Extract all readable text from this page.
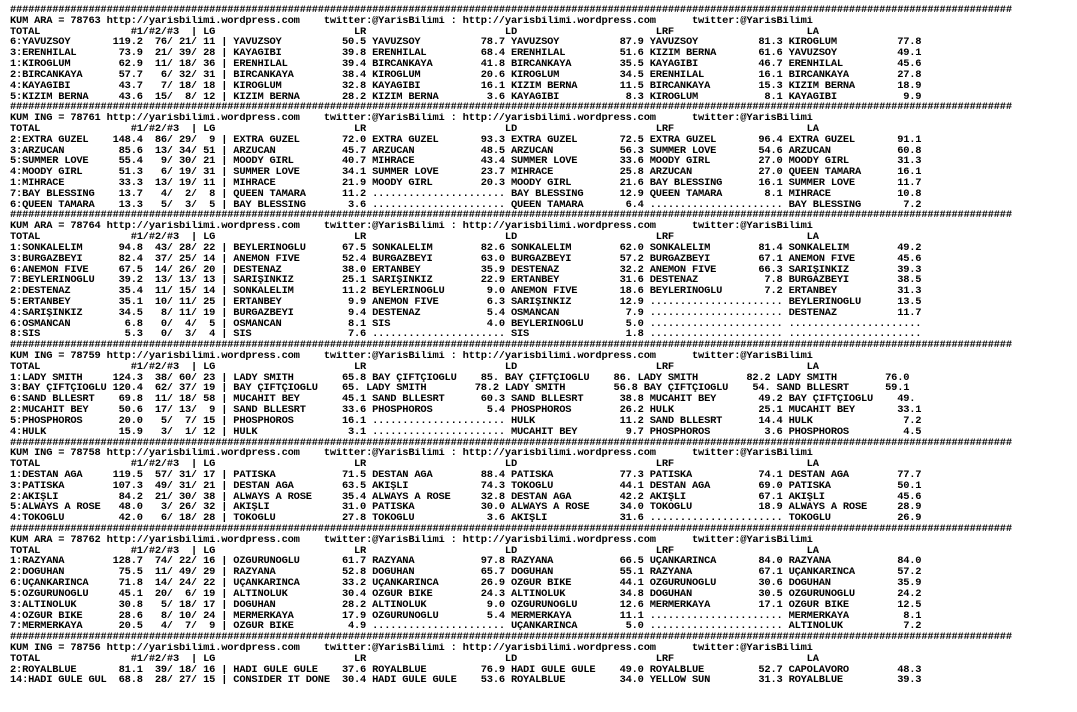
######################################################################################################################################################################
KUM ARA = 78763 http://yarisbilimi.wordpress.com    twitter:@YarisBilimi : http://yarisbilimi.wordpress.com      twitter:@YarisBilimi
TOTAL               #1/#2/#3  | LG                       LR                       LD                       LRF                      LA
6:YAVUZSOY       119.2  76/ 21/ 11 | YAVUZSOY          50.5 YAVUZSOY          78.7 YAVUZSOY          87.9 YAVUZSOY          81.3 KIROĞLUM          77.8
3:ERENHİLAL       73.9  21/ 39/ 28 | KAYAGİBİ          39.8 ERENHİLAL         68.4 ERENHİLAL         51.6 KIZIM BERNA       61.6 YAVUZSOY          49.1
1:KIROĞLUM        62.9  11/ 18/ 36 | ERENHİLAL         39.4 BİRCANKAYA        41.8 BİRCANKAYA        35.5 KAYAGİBİ          46.7 ERENHİLAL         45.6
2:BİRCANKAYA      57.7   6/ 32/ 31 | BİRCANKAYA        38.4 KIROĞLUM          20.6 KIROĞLUM          34.5 ERENHİLAL         16.1 BİRCANKAYA        27.8
4:KAYAGİBİ        43.7   7/ 18/ 18 | KIROĞLUM          32.8 KAYAGİBİ          16.1 KIZIM BERNA       11.5 BİRCANKAYA        15.3 KIZIM BERNA       18.9
5:KIZIM BERNA     43.6  15/  8/ 12 | KIZIM BERNA       28.2 KIZIM BERNA        3.6 KAYAGİBİ           8.3 KIROĞLUM           8.1 KAYAGİBİ           9.9
######################################################################################################################################################################
KUM ING = 78761 http://yarisbilimi.wordpress.com    twitter:@YarisBilimi : http://yarisbilimi.wordpress.com      twitter:@YarisBilimi
TOTAL               #1/#2/#3  | LG                       LR                       LD                       LRF                      LA
2:EXTRA GÜZEL    148.4  86/ 29/  9 | EXTRA GÜZEL       72.0 EXTRA GÜZEL       93.3 EXTRA GÜZEL       72.5 EXTRA GÜZEL       96.4 EXTRA GÜZEL       91.1
3:ARZUCAN         85.6  13/ 34/ 51 | ARZUCAN           45.7 ARZUCAN           48.5 ARZUCAN           56.3 SUMMER LOVE       54.6 ARZUCAN           60.8
5:SUMMER LOVE     55.4   9/ 30/ 21 | MOODY GIRL        40.7 MİHRACE           43.4 SUMMER LOVE       33.6 MOODY GIRL        27.0 MOODY GIRL        31.3
4:MOODY GIRL      51.3   6/ 19/ 31 | SUMMER LOVE       34.1 SUMMER LOVE       23.7 MİHRACE           25.8 ARZUCAN           27.0 QUEEN TAMARA      16.1
1:MİHRACE         33.3  13/ 19/ 11 | MİHRACE           21.9 MOODY GIRL        20.3 MOODY GIRL        21.6 BAY BLESSING      16.1 SUMMER LOVE       11.7
7:BAY BLESSING    13.7   4/  2/  8 | QUEEN TAMARA      11.2 ...................... BAY BLESSING      12.9 QUEEN TAMARA       8.1 MİHRACE           10.8
6:QUEEN TAMARA    13.3   5/  3/  5 | BAY BLESSING       3.6 ...................... QUEEN TAMARA       6.4 ...................... BAY BLESSING       7.2
######################################################################################################################################################################
KUM ARA = 78764 http://yarisbilimi.wordpress.com    twitter:@YarisBilimi : http://yarisbilimi.wordpress.com      twitter:@YarisBilimi
TOTAL               #1/#2/#3  | LG                       LR                       LD                       LRF                      LA
1:SONKALELİM      94.8  43/ 28/ 22 | BEYLERİNOĞLU      67.5 SONKALELİM        82.6 SONKALELİM        62.0 SONKALELİM        81.4 SONKALELİM        49.2
3:BURGAZBEYİ      82.4  37/ 25/ 14 | ANEMON FIVE       52.4 BURGAZBEYİ        63.0 BURGAZBEYİ        57.2 BURGAZBEYİ        67.1 ANEMON FIVE       45.6
6:ANEMON FIVE     67.5  14/ 26/ 20 | DESTENAZ          38.0 ERTANBEY          35.9 DESTENAZ          32.2 ANEMON FIVE       66.3 SARIŞINKIZ        39.3
7:BEYLERİNOĞLU    39.2  13/ 13/ 13 | SARIŞINKIZ        25.1 SARIŞINKIZ        22.9 ERTANBEY          31.6 DESTENAZ           7.8 BURGAZBEYİ        38.5
2:DESTENAZ        35.4  11/ 15/ 14 | SONKALELİM        11.2 BEYLERİNOĞLU       9.0 ANEMON FIVE       18.6 BEYLERİNOĞLU       7.2 ERTANBEY          31.3
5:ERTANBEY        35.1  10/ 11/ 25 | ERTANBEY           9.9 ANEMON FIVE        6.3 SARIŞINKIZ        12.9 ...................... BEYLERİNOĞLU      13.5
4:SARIŞINKIZ      34.5   8/ 11/ 19 | BURGAZBEYİ         9.4 DESTENAZ           5.4 OSMANCAN           7.9 ...................... DESTENAZ          11.7
6:OSMANCAN         6.8   0/  4/  5 | OSMANCAN           8.1 SIS                4.0 BEYLERİNOĞLU       5.0 ...................... ......................
8:SIS              5.3   0/  3/  4 | SIS                7.6 ...................... SIS                1.8 ...................... ......................
######################################################################################################################################################################
KUM ING = 78759 http://yarisbilimi.wordpress.com    twitter:@YarisBilimi : http://yarisbilimi.wordpress.com      twitter:@YarisBilimi
TOTAL               #1/#2/#3  | LG                       LR                       LD                       LRF                      LA
1:LADY SMITH     124.3  38/ 60/ 23 | LADY SMITH        65.8 BAY ÇİFTÇİOĞLU    85. BAY ÇİFTÇİOĞLU    86. LADY SMITH        82.2 LADY SMITH        76.0
3:BAY ÇİFTÇİOĞLU 120.4  62/ 37/ 19 | BAY ÇİFTÇİOĞLU    65. LADY SMITH        78.2 LADY SMITH        56.8 BAY ÇİFTÇİOĞLU    54. SAND BLLESRT      59.1
6:SAND BLLESRT    69.8  11/ 18/ 58 | MÜCAHİT BEY       45.1 SAND BLLESRT      60.3 SAND BLLESRT      38.8 MÜCAHİT BEY       49.2 BAY ÇİFTÇİOĞLU    49.
2:MÜCAHİT BEY     50.6  17/ 13/  9 | SAND BLLESRT      33.6 PHOSPHOROS         5.4 PHOSPHOROS        26.2 HULK              25.1 MÜCAHİT BEY       33.1
5:PHOSPHOROS      20.0   5/  7/ 15 | PHOSPHOROS        16.1 ...................... HULK              11.2 SAND BLLESRT      14.4 HULK               7.2
4:HULK            15.9   3/  1/ 12 | HULK               3.1 ...................... MÜCAHİT BEY        9.7 PHOSPHOROS         3.6 PHOSPHOROS         4.5
######################################################################################################################################################################
KUM ING = 78758 http://yarisbilimi.wordpress.com    twitter:@YarisBilimi : http://yarisbilimi.wordpress.com      twitter:@YarisBilimi
TOTAL               #1/#2/#3  | LG                       LR                       LD                       LRF                      LA
1:DESTAN AGA     119.5  57/ 31/ 17 | PATİSKA           71.5 DESTAN AGA        88.4 PATİSKA           77.3 PATİSKA           74.1 DESTAN AGA        77.7
3:PATİSKA        107.3  49/ 31/ 21 | DESTAN AGA        63.5 AKIŞLI            74.3 TOKOĞLU           44.1 DESTAN AGA        69.0 PATİSKA           50.1
2:AKIŞLI          84.2  21/ 30/ 38 | ALWAYS A ROSE     35.4 ALWAYS A ROSE     32.8 DESTAN AGA        42.2 AKIŞLI            67.1 AKIŞLI            45.6
5:ALWAYS A ROSE   48.0   3/ 26/ 32 | AKIŞLI            31.0 PATİSKA           30.0 ALWAYS A ROSE     34.0 TOKOĞLU           18.9 ALWAYS A ROSE     28.9
4:TOKOĞLU         42.0   6/ 18/ 28 | TOKOĞLU           27.8 TOKOĞLU            3.6 AKIŞLI            31.6 ...................... TOKOĞLU           26.9
######################################################################################################################################################################
KUM ARA = 78762 http://yarisbilimi.wordpress.com    twitter:@YarisBilimi : http://yarisbilimi.wordpress.com      twitter:@YarisBilimi
TOTAL               #1/#2/#3  | LG                       LR                       LD                       LRF                      LA
1:RAZYANA        128.7  74/ 22/ 16 | ÖZGÜRÜNOĞLU       61.7 RAZYANA           97.8 RAZYANA           66.5 UÇANKARINCA       84.0 RAZYANA           84.0
2:DOĞUHAN         75.5  11/ 49/ 29 | RAZYANA           52.8 DOĞUHAN           65.7 DOĞUHAN           55.1 RAZYANA           67.1 UÇANKARINCA       57.2
6:UÇANKARINCA     71.8  14/ 24/ 22 | UÇANKARINCA       33.2 UÇANKARINCA       26.9 ÖZGÜR BİKE        44.1 ÖZGÜRÜNOĞLU       30.6 DOĞUHAN           35.9
5:ÖZGÜRÜNOĞLU     45.1  20/  6/ 19 | ALTINOLUK         30.4 ÖZGÜR BİKE        24.3 ALTINOLUK         34.8 DOĞUHAN           30.5 ÖZGÜRÜNOĞLU       24.2
3:ALTINOLUK       30.8   5/ 18/ 17 | DOĞUHAN           28.2 ALTINOLUK          9.0 ÖZGÜRÜNOĞLU       12.6 MERMERKAYA        17.1 ÖZGÜR BİKE        12.5
4:ÖZGÜR BİKE      28.6   8/ 10/ 24 | MERMERKAYA        17.9 ÖZGÜRÜNOĞLU        5.4 MERMERKAYA        11.1 ...................... MERMERKAYA         8.1
7:MERMERKAYA      20.5   4/  7/  9 | ÖZGÜR BİKE         4.9 ...................... UÇANKARINCA        5.0 ...................... ALTINOLUK          7.2
######################################################################################################################################################################
KUM ING = 78756 http://yarisbilimi.wordpress.com    twitter:@YarisBilimi : http://yarisbilimi.wordpress.com      twitter:@YarisBilimi
TOTAL               #1/#2/#3  | LG                       LR                       LD                       LRF                      LA
2:ROYALBLUE       81.1  39/ 18/ 16 | HADİ GÜLE GÜLE    37.6 ROYALBLUE         76.9 HADİ GÜLE GÜLE    49.0 ROYALBLUE         52.7 CAPOLAVORO        48.3
14:HADİ GÜLE GÜL  68.8  28/ 27/ 15 | CONSIDER IT DONE  30.4 HADİ GÜLE GÜLE    53.6 ROYALBLUE         34.0 YELLOW SUN        31.3 ROYALBLUE         39.3
